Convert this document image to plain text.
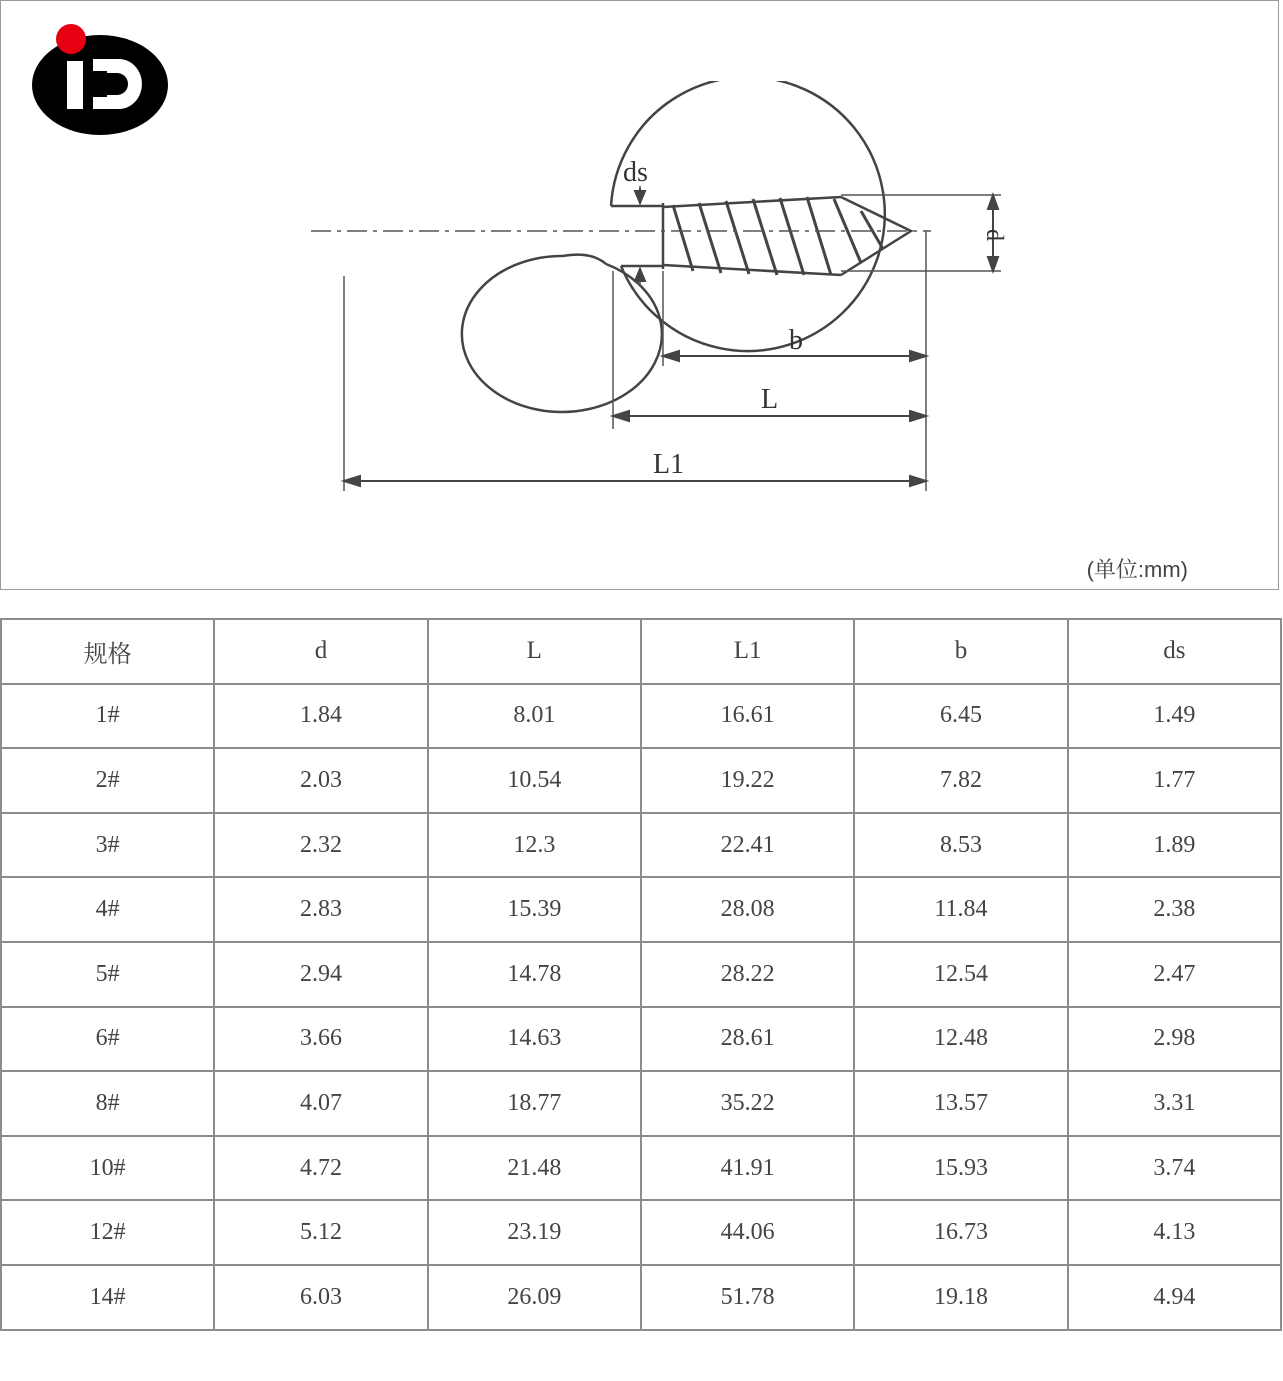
ds
d
b
L
L1
(单位:mm)
规格	d	L	L1	b	ds
1#	1.84	8.01	16.61	6.45	1.49
2#	2.03	10.54	19.22	7.82	1.77
3#	2.32	12.3	22.41	8.53	1.89
4#	2.83	15.39	28.08	11.84	2.38
5#	2.94	14.78	28.22	12.54	2.47
6#	3.66	14.63	28.61	12.48	2.98
8#	4.07	18.77	35.22	13.57	3.31
10#	4.72	21.48	41.91	15.93	3.74
12#	5.12	23.19	44.06	16.73	4.13
14#	6.03	26.09	51.78	19.18	4.94
